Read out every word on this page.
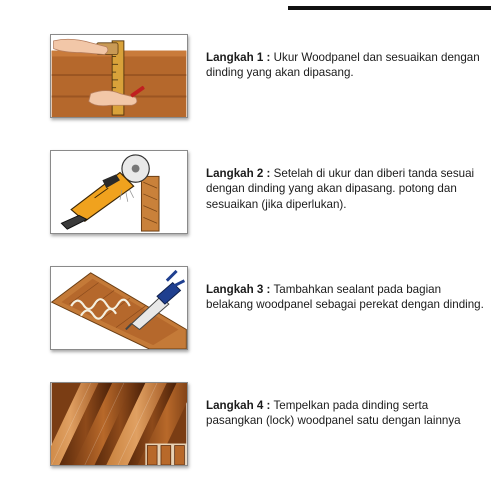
Langkah 1 : Ukur Woodpanel dan sesuaikan dengan dinding yang akan dipasang.
Langkah 2 : Setelah di ukur dan diberi tanda sesuai dengan dinding yang akan dipasang. potong dan sesuaikan (jika diperlukan).
Langkah 3 : Tambahkan sealant pada bagian belakang woodpanel sebagai perekat dengan dinding.
Langkah 4 : Tempelkan pada dinding serta pasangkan (lock) woodpanel satu dengan lainnya
